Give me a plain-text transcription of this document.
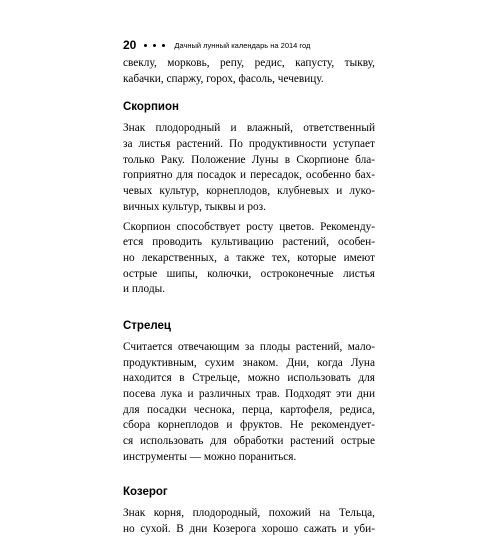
20	Дачный лунный календарь на 2014 год
свеклу, морковь, репу, редис, капусту, тыкву,
кабачки, спаржу, горох, фасоль, чечевицу.
Скорпион
Знак плодородный и влажный, ответственный
за листья растений. По продуктивности уступает
только Раку. Положение Луны в Скорпионе бла-
гоприятно для посадок и пересадок, особенно бах-
чевых культур, корнеплодов, клубневых и луко-
вичных культур, тыквы и роз.
Скорпион способствует росту цветов. Рекоменду-
ется проводить культивацию растений, особен-
но лекарственных, а также тех, которые имеют
острые шипы, колючки, остроконечные листья
и плоды.
Стрелец
Считается отвечающим за плоды растений, мало-
продуктивным, сухим знаком. Дни, когда Луна
находится в Стрельце, можно использовать для
посева лука и различных трав. Подходят эти дни
для посадки чеснока, перца, картофеля, редиса,
сбора корнеплодов и фруктов. Не рекомендует-
ся использовать для обработки растений острые
инструменты — можно пораниться.
Козерог
Знак корня, плодородный, похожий на Тельца,
но сухой. В дни Козерога хорошо сажать и уби-
